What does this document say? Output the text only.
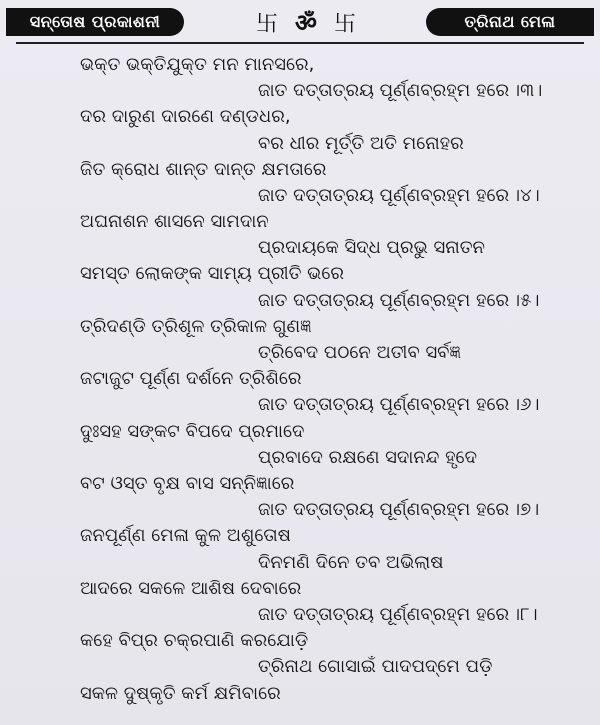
ସନ୍ତୋଷ ପ୍ରକାଶନୀ	卐 ॐ 卐	ତ୍ରିନାଥ ମେଳା
ଭକ୍ତ ଭକ୍ତିଯୁକ୍ତ ମନ ମାନସରେ,
ଜାତ ଦତ୍ତାତ୍ରୟ ପୂର୍ଣ୍ଣବ୍ରହ୍ମ ହରେ ।୩।
ଦର ଦାରୁଣ ଦାରଣେ ଦଣ୍ଡଧର,
ବର ଧୀର ମୂର୍ତ୍ତି ଅତି ମନୋହର
ଜିତ କ୍ରୋଧ ଶାନ୍ତ ଦାନ୍ତ କ୍ଷମତାରେ
ଜାତ ଦତ୍ତାତ୍ରୟ ପୂର୍ଣ୍ଣବ୍ରହ୍ମ ହରେ ।୪।
ଅଘନାଶନ ଶାସନେ ସାମଦାନ
ପ୍ରଦାୟକେ ସିଦ୍ଧ ପ୍ରଭୁ ସନାତନ
ସମସ୍ତ ଲୋକଙ୍କ ସାମ୍ୟ ପ୍ରୀତି ଭରେ
ଜାତ ଦତ୍ତାତ୍ରୟ ପୂର୍ଣ୍ଣବ୍ରହ୍ମ ହରେ ।୫।
ତ୍ରିଦଣ୍ଡି ତ୍ରିଶୂଳ ତ୍ରିକାଳ ଗୁଣଜ୍ଞ
ତ୍ରିବେଦ ପଠନେ ଅତୀବ ସର୍ବଜ୍ଞ
ଜଟାଜୁଟ ପୂର୍ଣ୍ଣ ଦର୍ଶନେ ତ୍ରିଶିରେ
ଜାତ ଦତ୍ତାତ୍ରୟ ପୂର୍ଣ୍ଣବ୍ରହ୍ମ ହରେ ।୬।
ଦୁଃସହ ସଙ୍କଟ ବିପଦେ ପ୍ରମାଦେ
ପ୍ରବାଦେ ରକ୍ଷଣେ ସଦାନନ୍ଦ ହୃଦେ
ବଟ ଓସ୍ତ ବୃକ୍ଷ ବାସ ସନ୍ନିଜ୍ଞାରେ
ଜାତ ଦତ୍ତାତ୍ରୟ ପୂର୍ଣ୍ଣବ୍ରହ୍ମ ହରେ ।୭।
ଜନପୂର୍ଣ୍ଣ ମେଳା କୁଳ ଅଶୁତୋଷ
ଦିନମଣି ଦିନେ ତବ ଅଭିଲାଷ
ଆଦରେ ସକଳେ ଆଶିଷ ଦେବାରେ
ଜାତ ଦତ୍ତାତ୍ରୟ ପୂର୍ଣ୍ଣବ୍ରହ୍ମ ହରେ ।୮।
କହେ ବିପ୍ର ଚକ୍ରପାଣି କରଯୋଡ଼ି
ତ୍ରିନାଥ ଗୋସାଇଁ ପାଦପଦ୍ମେ ପଡ଼ି
ସକଳ ଦୁଷ୍କୃତି କର୍ମ କ୍ଷମିବାରେ
